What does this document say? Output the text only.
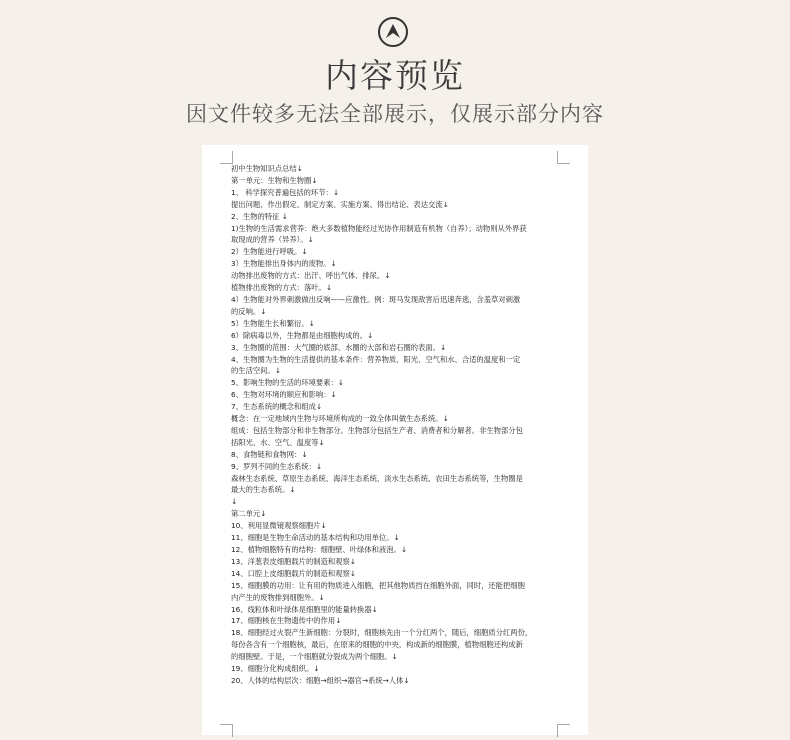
内容预览
因文件较多无法全部展示，仅展示部分内容
初中生物知识点总结↓
第一单元：生物和生物圈↓
1、 科学探究普遍包括的环节：↓
提出问题、作出假定、制定方案、实施方案、得出结论、表达交流↓
2、生物的特征 ↓
1)生物的生活需求营养：绝大多数植物能经过光协作用制造有机物（自养）；动物则从外界获
取现成的营养（异养）。↓
2）生物能进行呼吸。↓
3）生物能排出身体内的废物。↓
动物排出废物的方式：出汗、呼出气体、排尿。↓
植物排出废物的方式：落叶。↓
4）生物能对外界刺激做出反响——应激性。例：斑马发现敌害后迅速奔逃，含羞草对刺激
的反响。↓
5）生物能生长和繁衍。↓
6）除病毒以外，生物都是由细胞构成的。↓
3、生物圈的范围：大气圈的底部、水圈的大部和岩石圈的表面。↓
4、生物圈为生物的生活提供的基本条件：营养物质、阳光、空气和水、合适的温度和一定
的生活空间。↓
5、影响生物的生活的环境要素：↓
6、生物对环境的顺应和影响：↓
7、生态系统的概念和组成↓
概念：在一定地域内生物与环境所构成的一致全体叫做生态系统。↓
组成：包括生物部分和非生物部分。生物部分包括生产者、消费者和分解者。非生物部分包
括阳光、水、空气、温度等↓
8、食物链和食物网：↓
9、罗列不同的生态系统：↓
森林生态系统、草原生态系统、海洋生态系统、淡水生态系统、农田生态系统等，生物圈是
最大的生态系统。↓
↓
第二单元↓
10、利用显微镜观察细胞片↓
11、细胞是生物生命活动的基本结构和功用单位。↓
12、植物细胞特有的结构：细胞壁、叶绿体和液泡。↓
13、洋葱表皮细胞载片的制造和观察↓
14、口腔上皮细胞载片的制造和观察↓
15、细胞膜的功用：让有用的物质进入细胞，把其他物质挡在细胞外面，同时，还能把细胞
内产生的废物排到细胞外。↓
16、线粒体和叶绿体是细胞里的能量转换器↓
17、细胞核在生物遗传中的作用↓
18、细胞经过火裂产生新细胞：分裂时，细胞核先由一个分红两个，随后，细胞质分红两份，
每份各含有一个细胞核，最后，在原来的细胞的中央，构成新的细胞膜，植物细胞还构成新
的细胞壁。于是，一个细胞就分裂成为两个细胞。↓
19、细胞分化构成组织。↓
20、人体的结构层次：细胞→组织→器官→系统→人体↓
